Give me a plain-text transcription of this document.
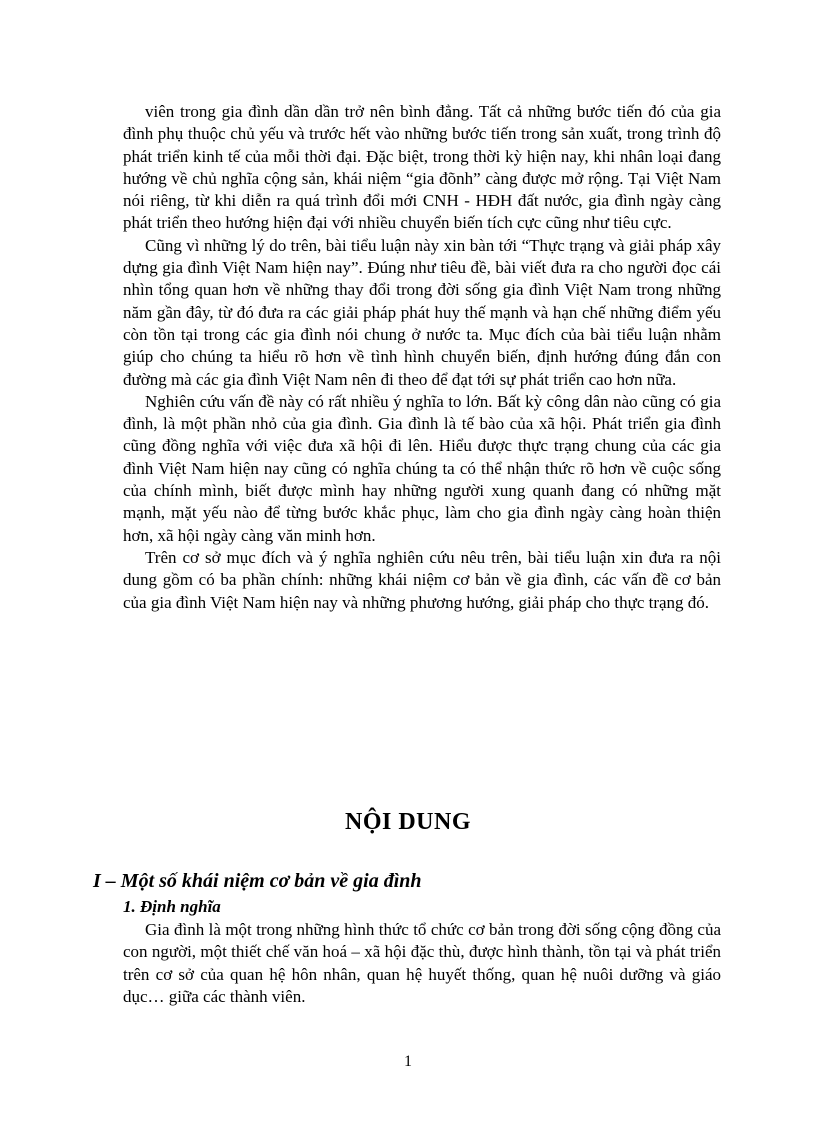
viên trong gia đình dần dần trở nên bình đẳng. Tất cả những bước tiến đó của gia đình phụ thuộc chủ yếu và trước hết vào những bước tiến trong sản xuất, trong trình độ phát triển kinh tế của mỗi thời đại. Đặc biệt, trong thời kỳ hiện nay, khi nhân loại đang hướng về chủ nghĩa cộng sản, khái niệm “gia đõnh” càng được mở rộng. Tại Việt Nam nói riêng, từ khi diễn ra quá trình đổi mới CNH - HĐH đất nước, gia đình ngày càng phát triển theo hướng hiện đại với nhiều chuyển biến tích cực cũng như tiêu cực.

Cũng vì những lý do trên, bài tiểu luận này xin bàn tới “Thực trạng và giải pháp xây dựng gia đình Việt Nam hiện nay”. Đúng như tiêu đề, bài viết đưa ra cho người đọc cái nhìn tổng quan hơn về những thay đổi trong đời sống gia đình Việt Nam trong những năm gần đây, từ đó đưa ra các giải pháp phát huy thế mạnh và hạn chế những điểm yếu còn tồn tại trong các gia đình nói chung ở nước ta. Mục đích của bài tiểu luận nhằm giúp cho chúng ta hiểu rõ hơn về tình hình chuyển biến, định hướng đúng đắn con đường mà các gia đình Việt Nam nên đi theo để đạt tới sự phát triển cao hơn nữa.

Nghiên cứu vấn đề này có rất nhiều ý nghĩa to lớn. Bất kỳ công dân nào cũng có gia đình, là một phần nhỏ của gia đình. Gia đình là tế bào của xã hội. Phát triển gia đình cũng đồng nghĩa với việc đưa xã hội đi lên. Hiểu được thực trạng chung của các gia đình Việt Nam hiện nay cũng có nghĩa chúng ta có thể nhận thức rõ hơn về cuộc sống của chính mình, biết được mình hay những người xung quanh đang có những mặt mạnh, mặt yếu nào để từng bước khắc phục, làm cho gia đình ngày càng hoàn thiện hơn, xã hội ngày càng văn minh hơn.

Trên cơ sở mục đích và ý nghĩa nghiên cứu nêu trên, bài tiểu luận xin đưa ra nội dung gồm có ba phần chính: những khái niệm cơ bản về gia đình, các vấn đề cơ bản của gia đình Việt Nam hiện nay và những phương hướng, giải pháp cho thực trạng đó.

NỘI DUNG
I – Một số khái niệm cơ bản về gia đình
1. Định nghĩa

Gia đình là một trong những hình thức tổ chức cơ bản trong đời sống cộng đồng của con người, một thiết chế văn hoá – xã hội đặc thù, được hình thành, tồn tại và phát triển trên cơ sở của quan hệ hôn nhân, quan hệ huyết thống, quan hệ nuôi dưỡng và giáo dục… giữa các thành viên.

1
